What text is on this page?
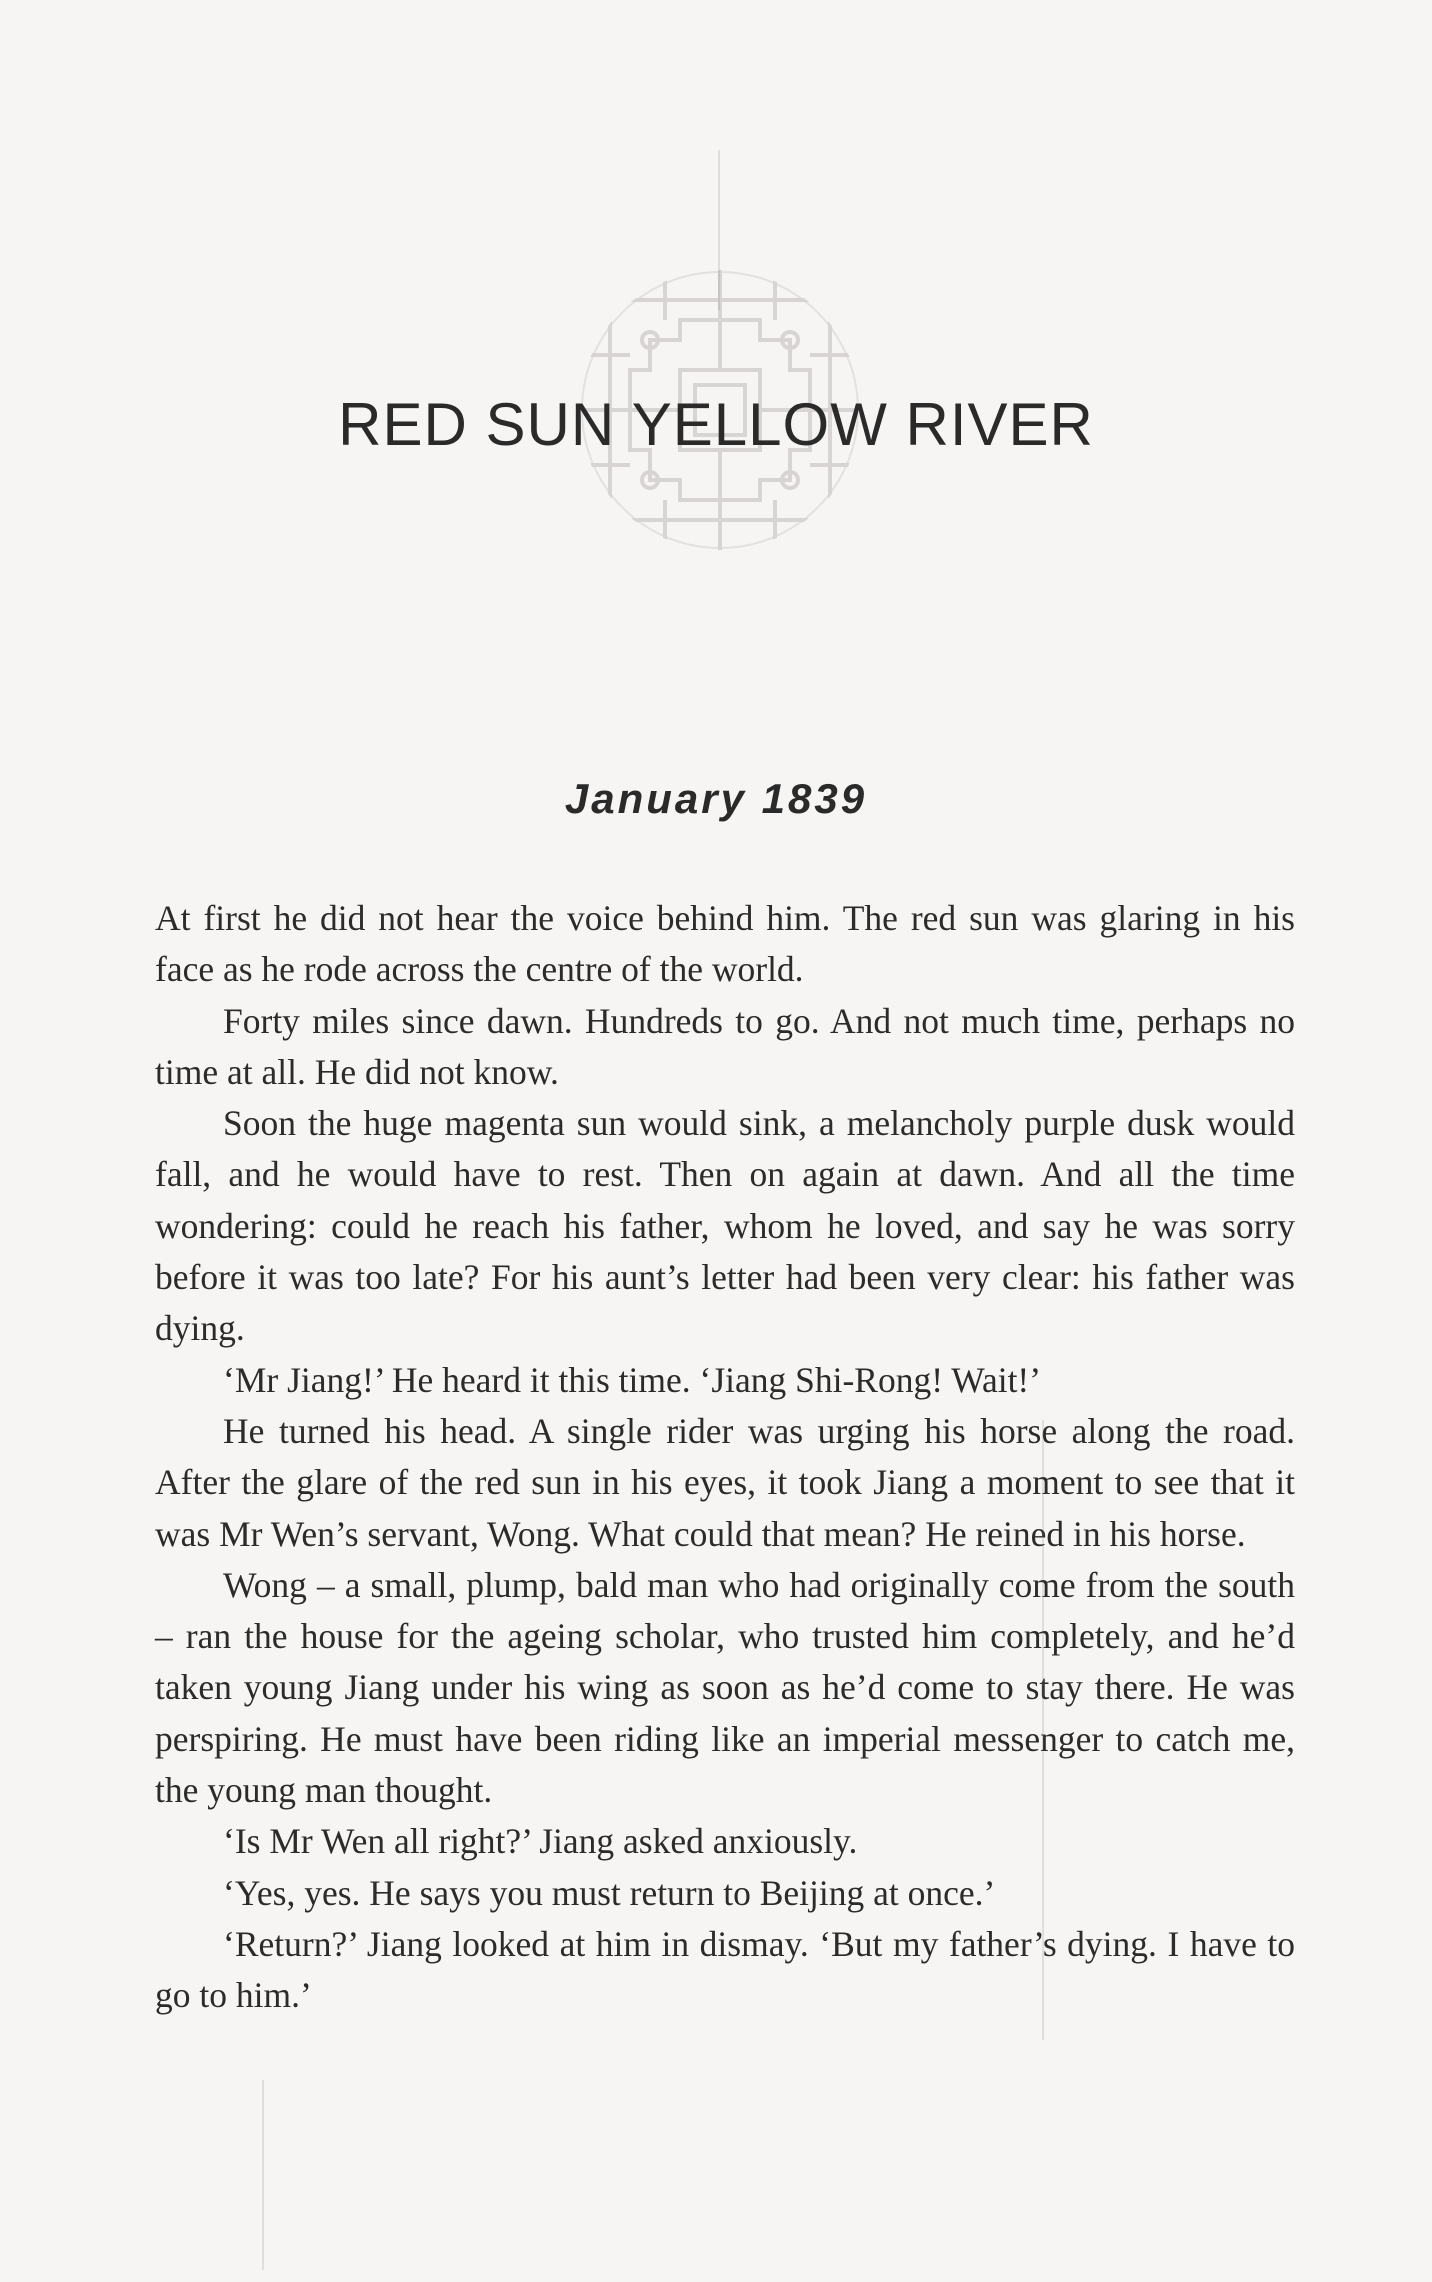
RED SUN YELLOW RIVER
January 1839

At first he did not hear the voice behind him. The red sun was glaring in his face as he rode across the centre of the world.

Forty miles since dawn. Hundreds to go. And not much time, perhaps no time at all. He did not know.

Soon the huge magenta sun would sink, a melancholy purple dusk would fall, and he would have to rest. Then on again at dawn. And all the time wondering: could he reach his father, whom he loved, and say he was sorry before it was too late? For his aunt’s letter had been very clear: his father was dying.

‘Mr Jiang!’ He heard it this time. ‘Jiang Shi-Rong! Wait!’

He turned his head. A single rider was urging his horse along the road. After the glare of the red sun in his eyes, it took Jiang a moment to see that it was Mr Wen’s servant, Wong. What could that mean? He reined in his horse.

Wong – a small, plump, bald man who had originally come from the south – ran the house for the ageing scholar, who trusted him completely, and he’d taken young Jiang under his wing as soon as he’d come to stay there. He was perspiring. He must have been riding like an imperial messenger to catch me, the young man thought.

‘Is Mr Wen all right?’ Jiang asked anxiously.

‘Yes, yes. He says you must return to Beijing at once.’

‘Return?’ Jiang looked at him in dismay. ‘But my father’s dying. I have to go to him.’
